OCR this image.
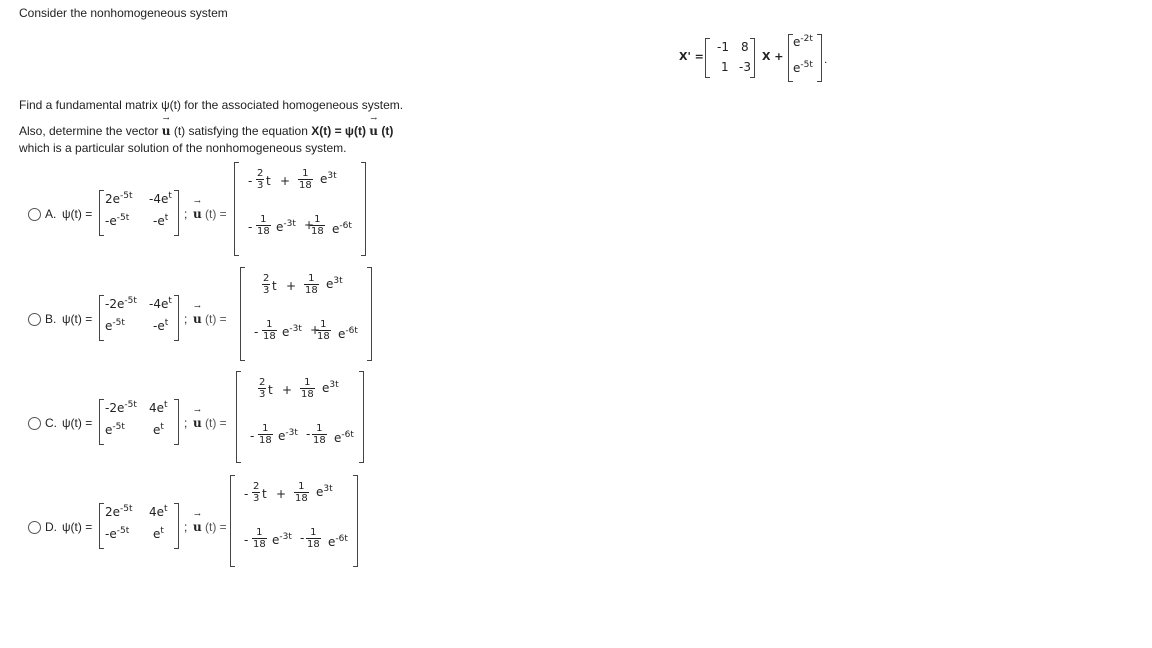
Consider the nonhomogeneous system
X' =
-1 8
1 -3
X +
$e^{-2t}$
$e^{-5t}$ .
Find a fundamental matrix ψ(t) for the associated homogeneous system.
Also, determine the vector → u (t) satisfying the equation X(t) = ψ(t) → u (t)
which is a particular solution of the nonhomogeneous system.
A. ψ(t) =
$2e^{-5t}$ $-4e^t$
$-e^{-5t}$ $-e^t$ ; → u (t) =
- $\frac{2}{3}$ $t + \frac{1}{18} e^{3t}$
- $\frac{1}{18} e^{-3t}$ +
$\frac{1}{18} e^{-6t}$
B. ψ(t) =
$-2e^{-5t}$ $-4e^t$
$e^{-5t}$ $-e^t$ ; → u (t) =
$\frac{2}{3}$ $t + \frac{1}{18} e^{3t}$
- $\frac{1}{18} e^{-3t}$ +
$\frac{1}{18} e^{-6t}$
C. ψ(t) =
$-2e^{-5t}$ $4e^t$
$e^{-5t}$ $e^t$ ; → u (t) =
$\frac{2}{3}$ $t + \frac{1}{18} e^{3t}$
- $\frac{1}{18} e^{-3t} - \frac{1}{18} e^{-6t}$
D. ψ(t) =
$2e^{-5t}$ $4e^t$
$-e^{-5t}$ $e^t$ ; → u (t) =
- $\frac{2}{3}$ $t + \frac{1}{18} e^{3t}$
- $\frac{1}{18} e^{-3t} - \frac{1}{18} e^{-6t}$
